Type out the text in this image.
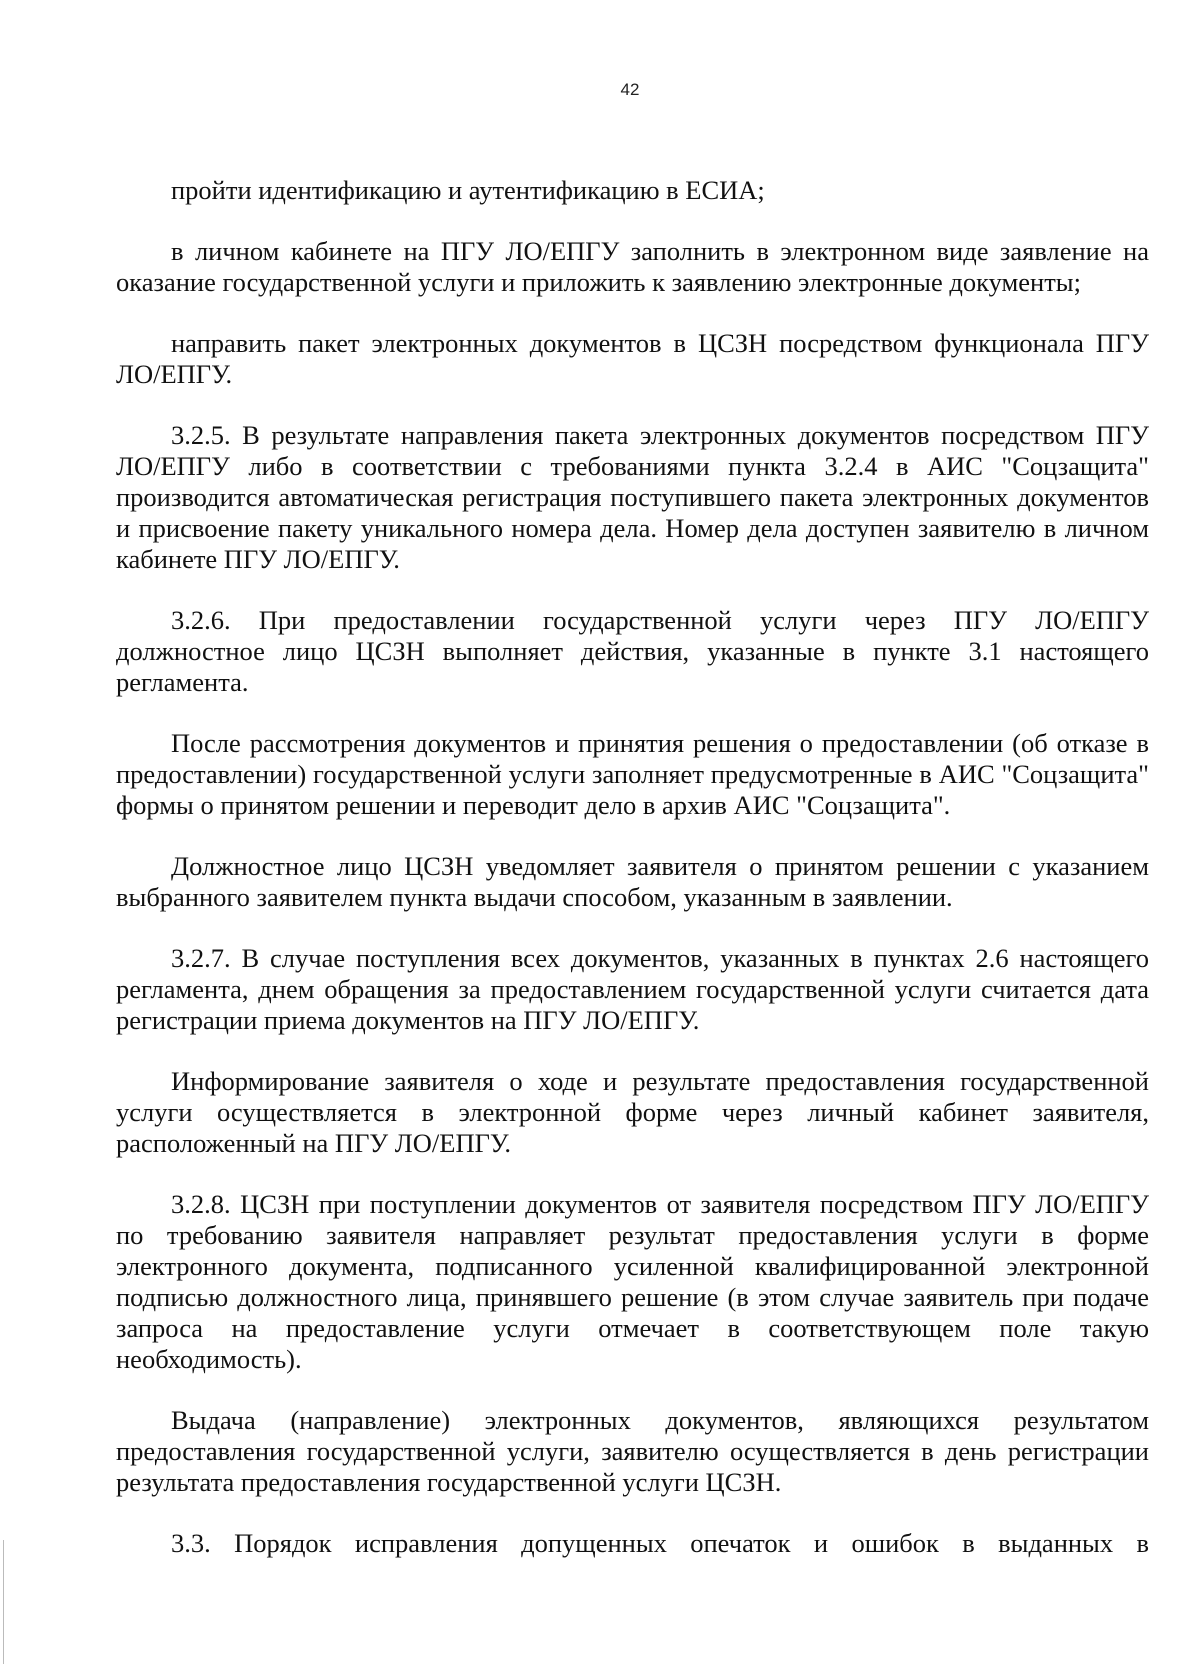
42

пройти идентификацию и аутентификацию в ЕСИА;

в личном кабинете на ПГУ ЛО/ЕПГУ заполнить в электронном виде заявление на оказание государственной услуги и приложить к заявлению электронные документы;

направить пакет электронных документов в ЦСЗН посредством функционала ПГУ ЛО/ЕПГУ.

3.2.5. В результате направления пакета электронных документов посредством ПГУ ЛО/ЕПГУ либо в соответствии с требованиями пункта 3.2.4 в АИС "Соцзащита" производится автоматическая регистрация поступившего пакета электронных документов и присвоение пакету уникального номера дела. Номер дела доступен заявителю в личном кабинете ПГУ ЛО/ЕПГУ.

3.2.6. При предоставлении государственной услуги через ПГУ ЛО/ЕПГУ должностное лицо ЦСЗН выполняет действия, указанные в пункте 3.1 настоящего регламента.

После рассмотрения документов и принятия решения о предоставлении (об отказе в предоставлении) государственной услуги заполняет предусмотренные в АИС "Соцзащита" формы о принятом решении и переводит дело в архив АИС "Соцзащита".

Должностное лицо ЦСЗН уведомляет заявителя о принятом решении с указанием выбранного заявителем пункта выдачи способом, указанным в заявлении.

3.2.7. В случае поступления всех документов, указанных в пунктах 2.6 настоящего регламента, днем обращения за предоставлением государственной услуги считается дата регистрации приема документов на ПГУ ЛО/ЕПГУ.

Информирование заявителя о ходе и результате предоставления государственной услуги осуществляется в электронной форме через личный кабинет заявителя, расположенный на ПГУ ЛО/ЕПГУ.

3.2.8. ЦСЗН при поступлении документов от заявителя посредством ПГУ ЛО/ЕПГУ по требованию заявителя направляет результат предоставления услуги в форме электронного документа, подписанного усиленной квалифицированной электронной подписью должностного лица, принявшего решение (в этом случае заявитель при подаче запроса на предоставление услуги отмечает в соответствующем поле такую необходимость).

Выдача (направление) электронных документов, являющихся результатом предоставления государственной услуги, заявителю осуществляется в день регистрации результата предоставления государственной услуги ЦСЗН.

3.3. Порядок исправления допущенных опечаток и ошибок в выданных в
